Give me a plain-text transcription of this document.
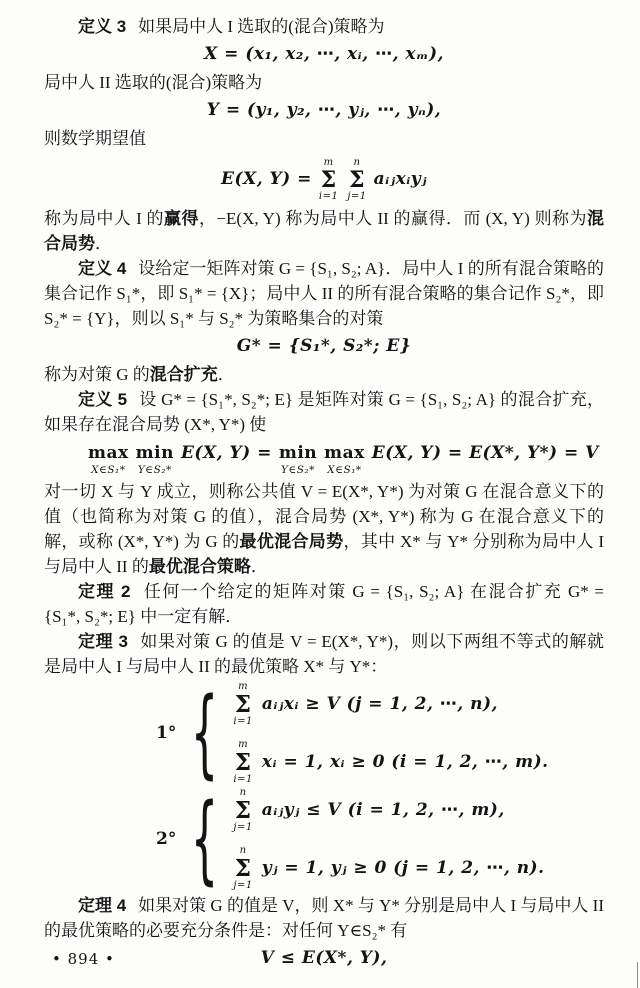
定义 3 如果局中人 I 选取的(混合)策略为

X = (x₁, x₂, ⋯, xᵢ, ⋯, xₘ),

局中人 II 选取的(混合)策略为

Y = (y₁, y₂, ⋯, yⱼ, ⋯, yₙ),

则数学期望值

E(X, Y) =
m
Σ
i=1
n
Σ
j=1
aᵢⱼxᵢyⱼ

称为局中人 I 的赢得，−E(X, Y) 称为局中人 II 的赢得．而 (X, Y) 则称为混合局势．

定义 4 设给定一矩阵对策 G = {S₁, S₂; A}．局中人 I 的所有混合策略的集合记作 S₁*，即 S₁* = {X}；局中人 II 的所有混合策略的集合记作 S₂*，即 S₂* = {Y}，则以 S₁* 与 S₂* 为策略集合的对策

G* = {S₁*, S₂*; E}

称为对策 G 的混合扩充．

定义 5 设 G* = {S₁*, S₂*; E} 是矩阵对策 G = {S₁, S₂; A} 的混合扩充，如果存在混合局势 (X*, Y*) 使

max
X∈S₁*
min
Y∈S₂*
E(X, Y) = min
Y∈S₂*
max
X∈S₁*
E(X, Y) = E(X*, Y*) = V

对一切 X 与 Y 成立，则称公共值 V = E(X*, Y*) 为对策 G 在混合意义下的值（也简称为对策 G 的值），混合局势 (X*, Y*) 称为 G 在混合意义下的解，或称 (X*, Y*) 为 G 的最优混合局势，其中 X* 与 Y* 分别称为局中人 I 与局中人 II 的最优混合策略．

定理 2 任何一个给定的矩阵对策 G = {S₁, S₂; A} 在混合扩充 G* = {S₁*, S₂*; E} 中一定有解．

定理 3 如果对策 G 的值是 V = E(X*, Y*)，则以下两组不等式的解就是局中人 I 与局中人 II 的最优策略 X* 与 Y*：

1° { m
Σ
i=1
aᵢⱼxᵢ ≥ V (j = 1, 2, ⋯, n),
m
Σ
i=1
xᵢ = 1, xᵢ ≥ 0 (i = 1, 2, ⋯, m).
2° { n
Σ
j=1
aᵢⱼyⱼ ≤ V (i = 1, 2, ⋯, m),
n
Σ
j=1
yⱼ = 1, yⱼ ≥ 0 (j = 1, 2, ⋯, n).

定理 4 如果对策 G 的值是 V，则 X* 与 Y* 分别是局中人 I 与局中人 II 的最优策略的必要充分条件是：对任何 Y∈S₂* 有

V ≤ E(X*, Y),
• 894 •
